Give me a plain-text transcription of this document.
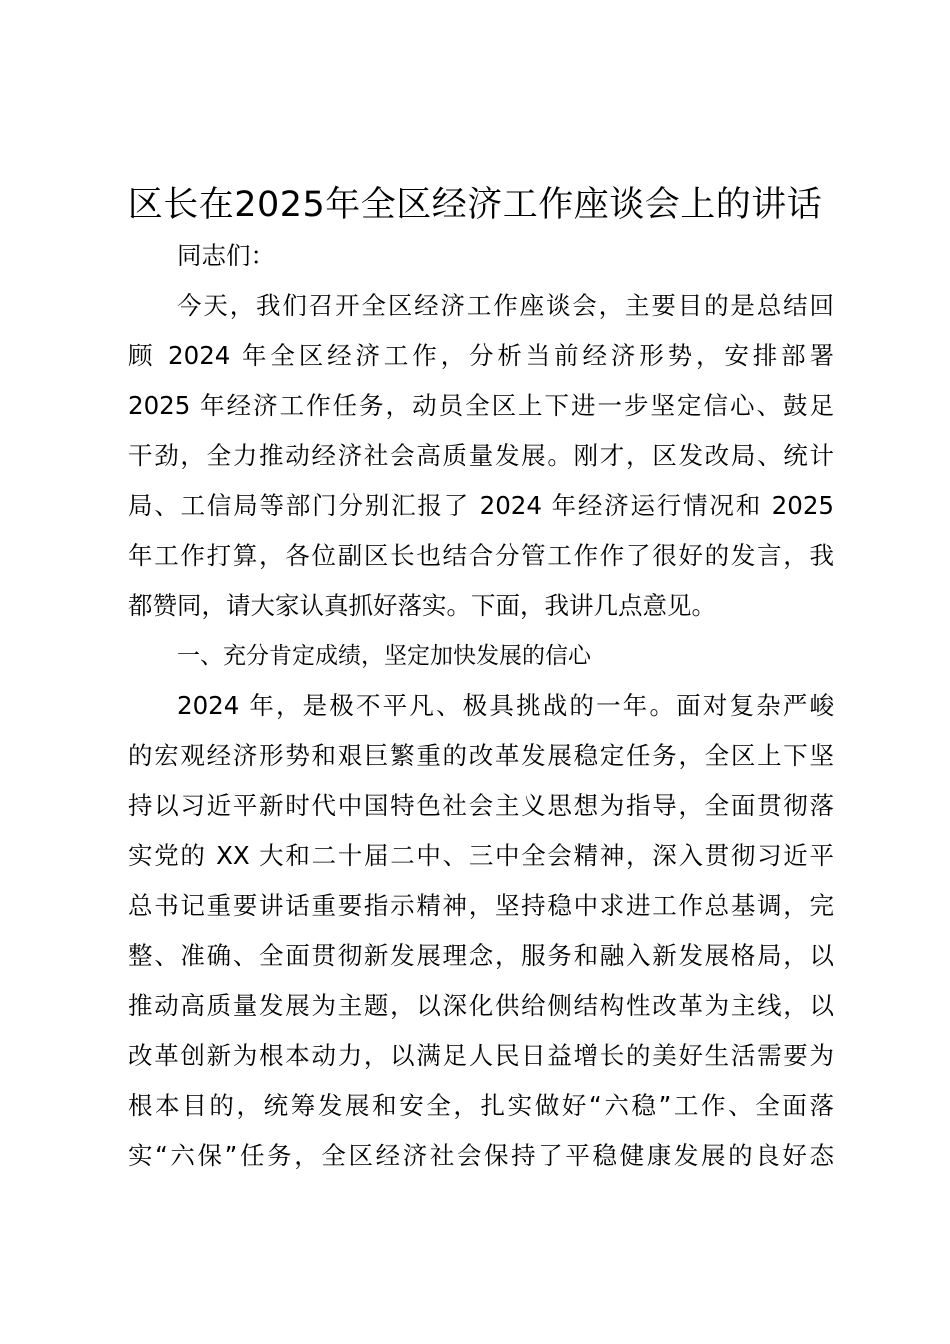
区长在2025年全区经济工作座谈会上的讲话
同志们：
今天，我们召开全区经济工作座谈会，主要目的是总结回
顾 2024 年全区经济工作，分析当前经济形势，安排部署
2025 年经济工作任务，动员全区上下进一步坚定信心、鼓足
干劲，全力推动经济社会高质量发展。刚才，区发改局、统计
局、工信局等部门分别汇报了 2024 年经济运行情况和 2025
年工作打算，各位副区长也结合分管工作作了很好的发言，我
都赞同，请大家认真抓好落实。下面，我讲几点意见。
一、充分肯定成绩，坚定加快发展的信心
2024 年，是极不平凡、极具挑战的一年。面对复杂严峻
的宏观经济形势和艰巨繁重的改革发展稳定任务，全区上下坚
持以习近平新时代中国特色社会主义思想为指导，全面贯彻落
实党的 XX 大和二十届二中、三中全会精神，深入贯彻习近平
总书记重要讲话重要指示精神，坚持稳中求进工作总基调，完
整、准确、全面贯彻新发展理念，服务和融入新发展格局，以
推动高质量发展为主题，以深化供给侧结构性改革为主线，以
改革创新为根本动力，以满足人民日益增长的美好生活需要为
根本目的，统筹发展和安全，扎实做好“六稳”工作、全面落
实“六保”任务，全区经济社会保持了平稳健康发展的良好态
